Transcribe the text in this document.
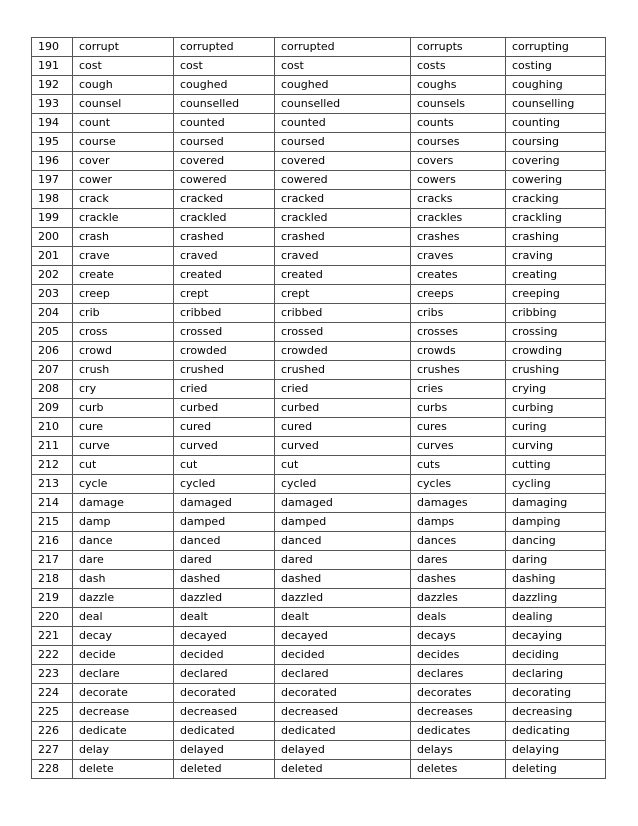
190	corrupt	corrupted	corrupted	corrupts	corrupting
191	cost	cost	cost	costs	costing
192	cough	coughed	coughed	coughs	coughing
193	counsel	counselled	counselled	counsels	counselling
194	count	counted	counted	counts	counting
195	course	coursed	coursed	courses	coursing
196	cover	covered	covered	covers	covering
197	cower	cowered	cowered	cowers	cowering
198	crack	cracked	cracked	cracks	cracking
199	crackle	crackled	crackled	crackles	crackling
200	crash	crashed	crashed	crashes	crashing
201	crave	craved	craved	craves	craving
202	create	created	created	creates	creating
203	creep	crept	crept	creeps	creeping
204	crib	cribbed	cribbed	cribs	cribbing
205	cross	crossed	crossed	crosses	crossing
206	crowd	crowded	crowded	crowds	crowding
207	crush	crushed	crushed	crushes	crushing
208	cry	cried	cried	cries	crying
209	curb	curbed	curbed	curbs	curbing
210	cure	cured	cured	cures	curing
211	curve	curved	curved	curves	curving
212	cut	cut	cut	cuts	cutting
213	cycle	cycled	cycled	cycles	cycling
214	damage	damaged	damaged	damages	damaging
215	damp	damped	damped	damps	damping
216	dance	danced	danced	dances	dancing
217	dare	dared	dared	dares	daring
218	dash	dashed	dashed	dashes	dashing
219	dazzle	dazzled	dazzled	dazzles	dazzling
220	deal	dealt	dealt	deals	dealing
221	decay	decayed	decayed	decays	decaying
222	decide	decided	decided	decides	deciding
223	declare	declared	declared	declares	declaring
224	decorate	decorated	decorated	decorates	decorating
225	decrease	decreased	decreased	decreases	decreasing
226	dedicate	dedicated	dedicated	dedicates	dedicating
227	delay	delayed	delayed	delays	delaying
228	delete	deleted	deleted	deletes	deleting
